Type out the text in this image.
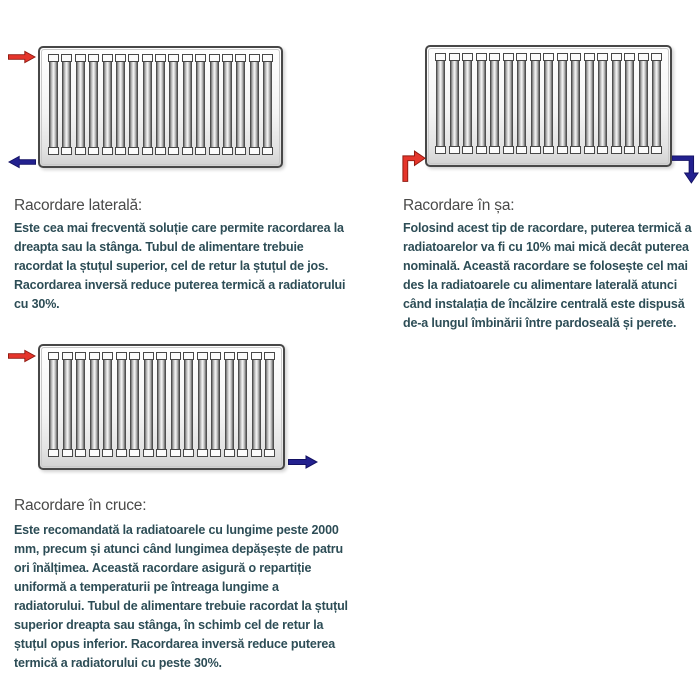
Racordare laterală:
Este cea mai frecventă soluție care permite racordarea la dreapta sau la stânga. Tubul de alimentare trebuie racordat la ștuțul superior, cel de retur la ștuțul de jos. Racordarea inversă reduce puterea termică a radiatorului cu 30%.
Racordare în șa:
Folosind acest tip de racordare, puterea termică a radiatoarelor va fi cu 10% mai mică decât puterea nominală. Această racordare se folosește cel mai des la radiatoarele cu alimentare laterală atunci când instalația de încălzire centrală este dispusă de-a lungul îmbinării între pardoseală și perete.
Racordare în cruce:
Este recomandată la radiatoarele cu lungime peste 2000 mm, precum și atunci când lungimea depășește de patru ori înălțimea. Această racordare asigură o repartiție uniformă a temperaturii pe întreaga lungime a radiatorului. Tubul de alimentare trebuie racordat la ștuțul superior dreapta sau stânga, în schimb cel de retur la ștuțul opus inferior. Racordarea inversă reduce puterea termică a radiatorului cu peste 30%.
